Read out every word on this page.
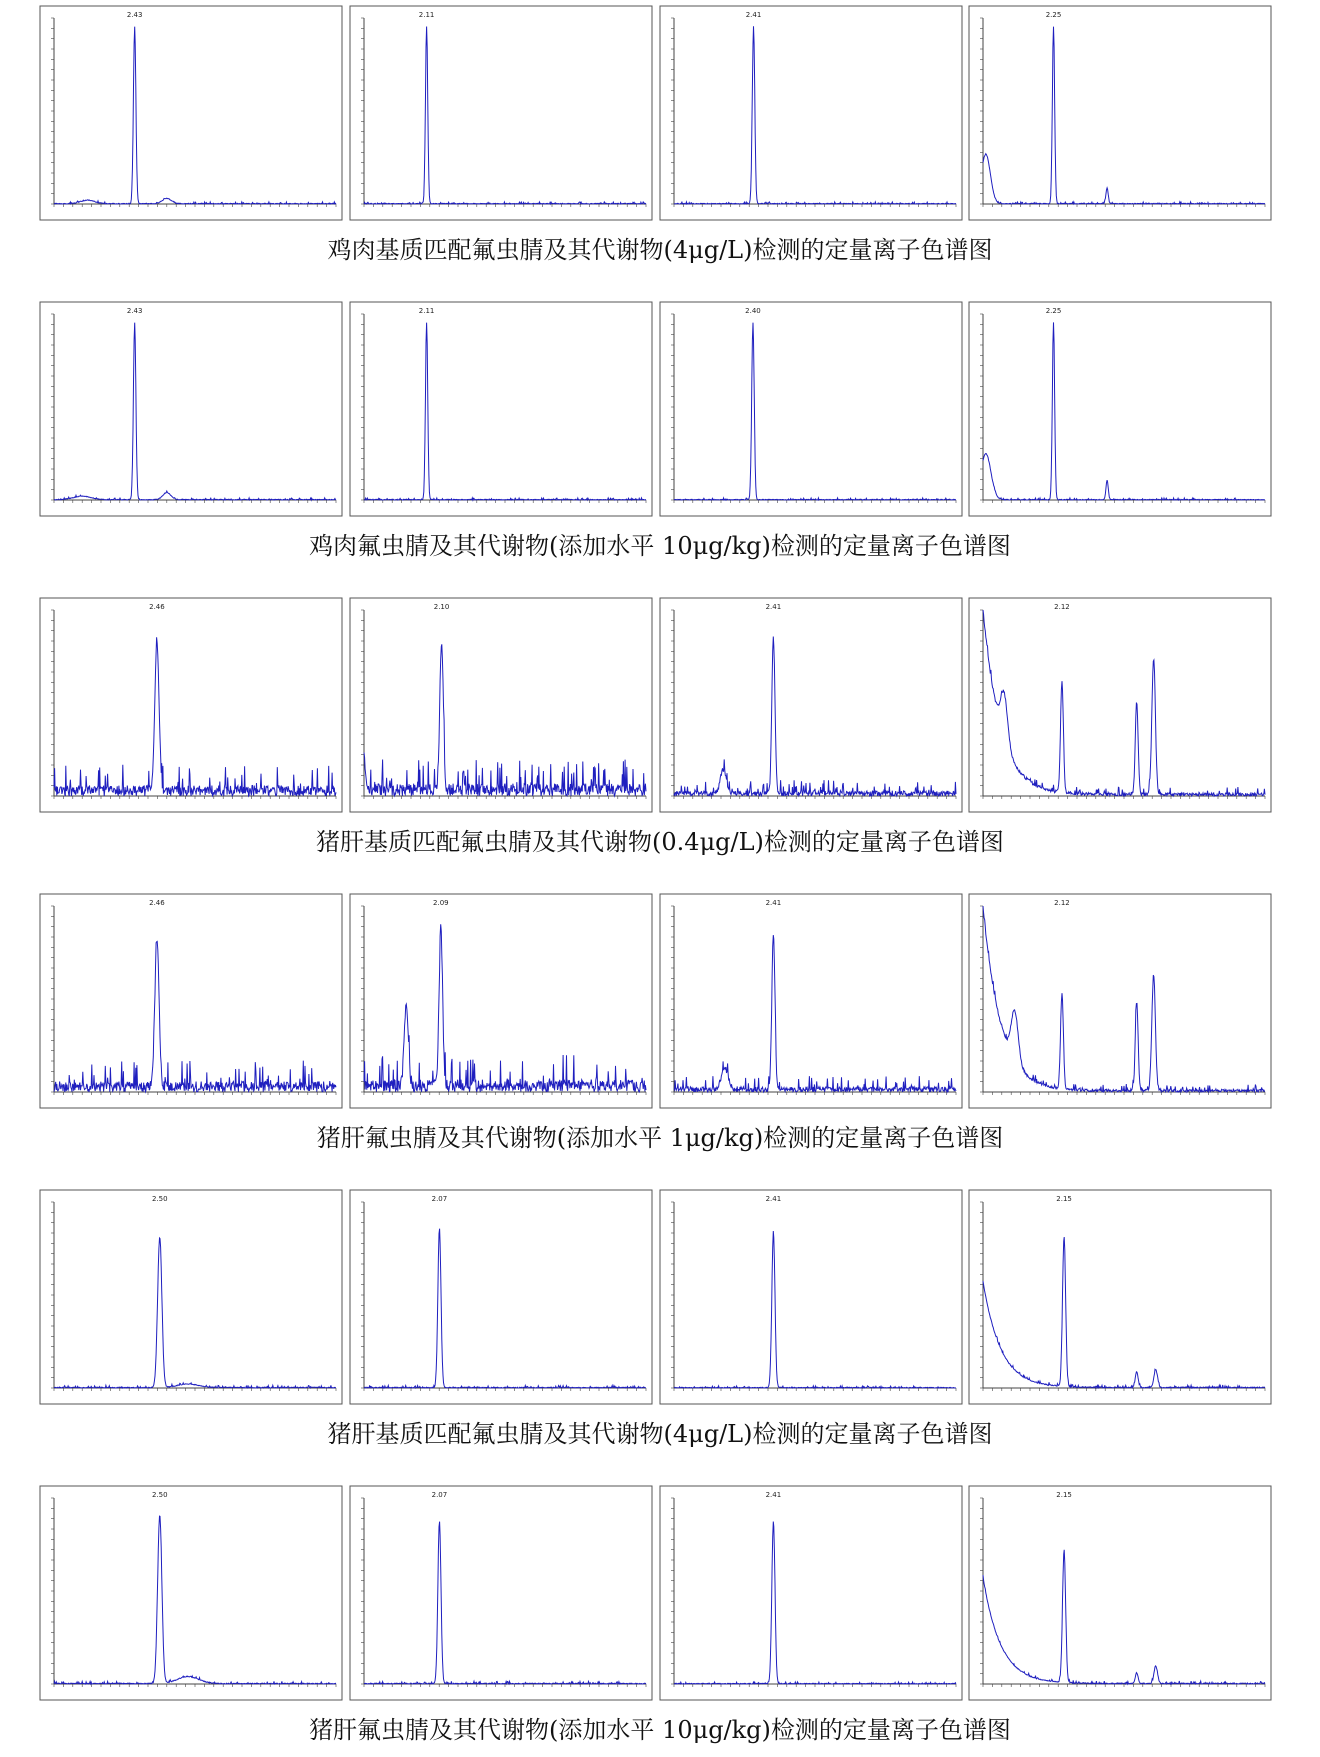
2.43	2.11	2.41	2.25
2.43	2.11	2.40	2.25
2.46	2.10	2.41	2.12
2.46	2.09	2.41	2.12
2.50	2.07	2.41	2.15
2.50	2.07	2.41	2.15
鸡肉基质匹配氟虫腈及其代谢物(4μg/L)检测的定量离子色谱图
鸡肉氟虫腈及其代谢物(添加水平 10μg/kg)检测的定量离子色谱图
猪肝基质匹配氟虫腈及其代谢物(0.4μg/L)检测的定量离子色谱图
猪肝氟虫腈及其代谢物(添加水平 1μg/kg)检测的定量离子色谱图
猪肝基质匹配氟虫腈及其代谢物(4μg/L)检测的定量离子色谱图
猪肝氟虫腈及其代谢物(添加水平 10μg/kg)检测的定量离子色谱图
